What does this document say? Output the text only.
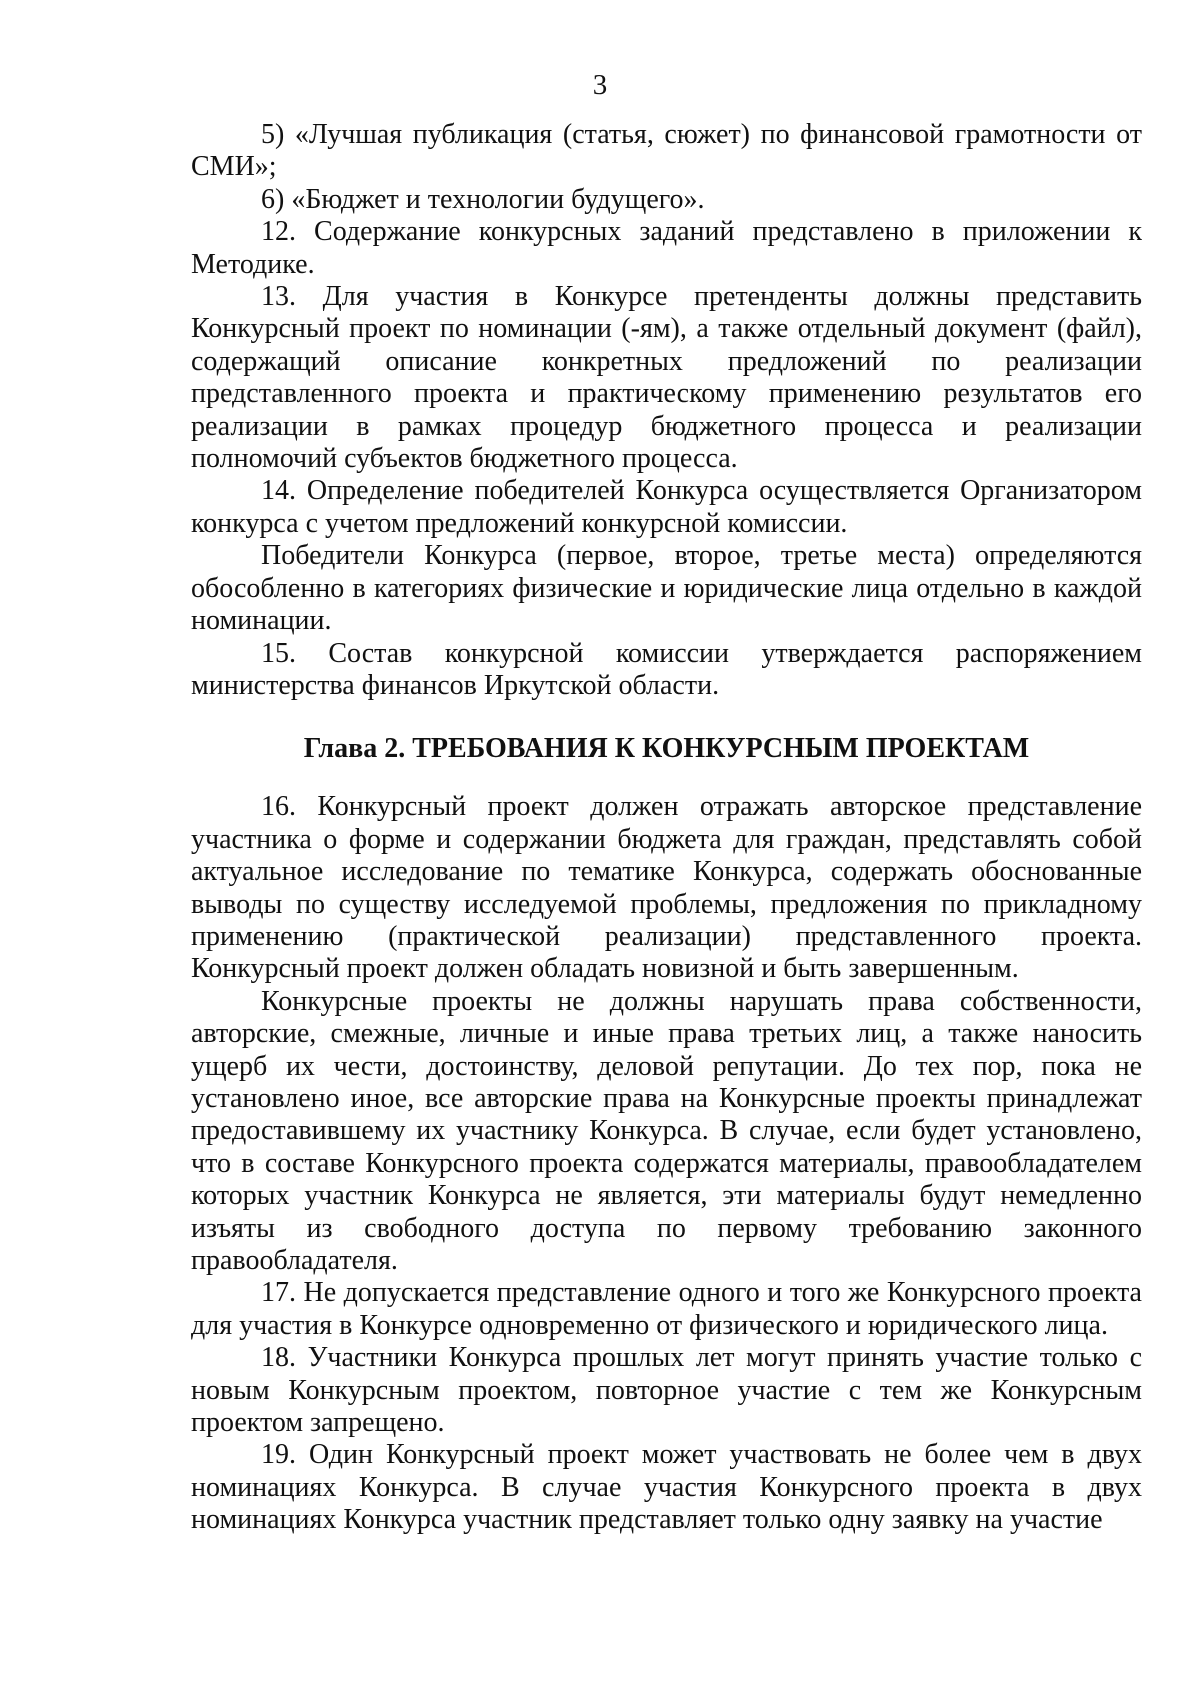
3

5) «Лучшая публикация (статья, сюжет) по финансовой грамотности от СМИ»;

6) «Бюджет и технологии будущего».

12. Содержание конкурсных заданий представлено в приложении к Методике.

13. Для участия в Конкурсе претенденты должны представить Конкурсный проект по номинации (-ям), а также отдельный документ (файл), содержащий описание конкретных предложений по реализации представленного проекта и практическому применению результатов его реализации в рамках процедур бюджетного процесса и реализации полномочий субъектов бюджетного процесса.

14. Определение победителей Конкурса осуществляется Организатором конкурса с учетом предложений конкурсной комиссии.

Победители Конкурса (первое, второе, третье места) определяются обособленно в категориях физические и юридические лица отдельно в каждой номинации.

15. Состав конкурсной комиссии утверждается распоряжением министерства финансов Иркутской области.

Глава 2. ТРЕБОВАНИЯ К КОНКУРСНЫМ ПРОЕКТАМ

16. Конкурсный проект должен отражать авторское представление участника о форме и содержании бюджета для граждан, представлять собой актуальное исследование по тематике Конкурса, содержать обоснованные выводы по существу исследуемой проблемы, предложения по прикладному применению (практической реализации) представленного проекта. Конкурсный проект должен обладать новизной и быть завершенным.

Конкурсные проекты не должны нарушать права собственности, авторские, смежные, личные и иные права третьих лиц, а также наносить ущерб их чести, достоинству, деловой репутации. До тех пор, пока не установлено иное, все авторские права на Конкурсные проекты принадлежат предоставившему их участнику Конкурса. В случае, если будет установлено, что в составе Конкурсного проекта содержатся материалы, правообладателем которых участник Конкурса не является, эти материалы будут немедленно изъяты из свободного доступа по первому требованию законного правообладателя.

17. Не допускается представление одного и того же Конкурсного проекта для участия в Конкурсе одновременно от физического и юридического лица.

18. Участники Конкурса прошлых лет могут принять участие только с новым Конкурсным проектом, повторное участие с тем же Конкурсным проектом запрещено.

19. Один Конкурсный проект может участвовать не более чем в двух номинациях Конкурса. В случае участия Конкурсного проекта в двух номинациях Конкурса участник представляет только одну заявку на участие
